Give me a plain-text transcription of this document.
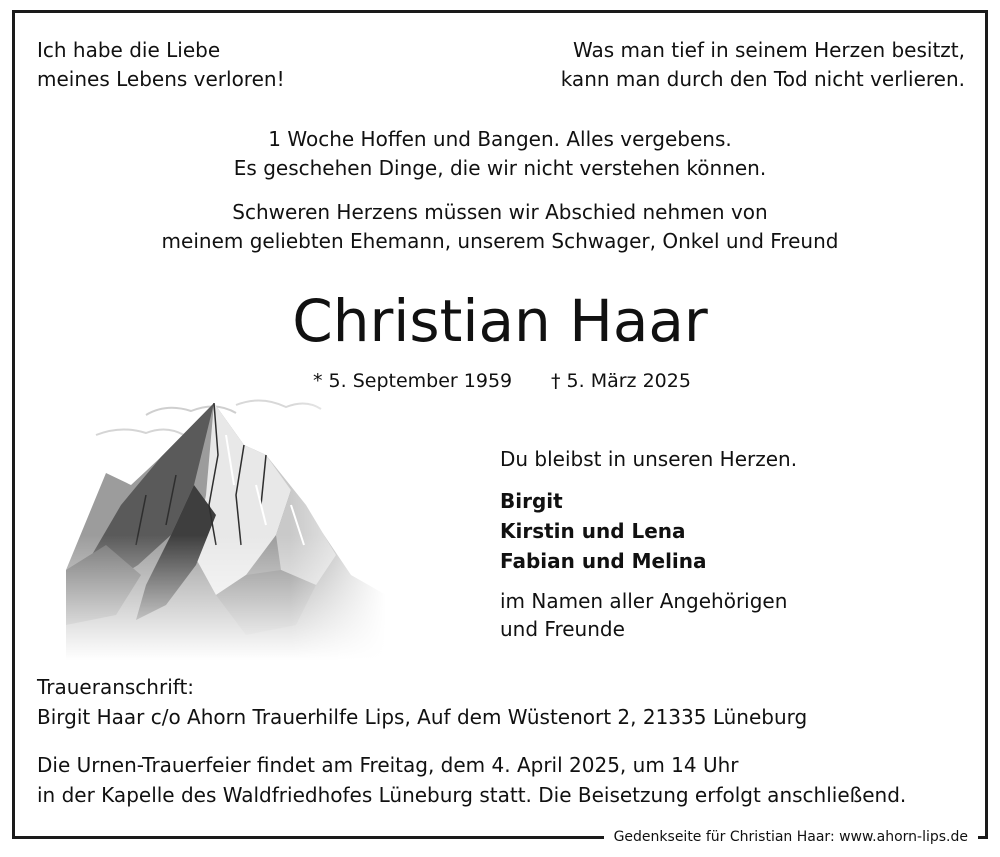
Ich habe die Liebe
meines Lebens verloren!
Was man tief in seinem Herzen besitzt,
kann man durch den Tod nicht verlieren.
1 Woche Hoffen und Bangen. Alles vergebens.
Es geschehen Dinge, die wir nicht verstehen können.
Schweren Herzens müssen wir Abschied nehmen von
meinem geliebten Ehemann, unserem Schwager, Onkel und Freund
Christian Haar
* 5. September 1959 † 5. März 2025
Du bleibst in unseren Herzen.
Birgit
Kirstin und Lena
Fabian und Melina
im Namen aller Angehörigen
und Freunde
Traueranschrift:
Birgit Haar c/o Ahorn Trauerhilfe Lips, Auf dem Wüstenort 2, 21335 Lüneburg
Die Urnen-Trauerfeier findet am Freitag, dem 4. April 2025, um 14 Uhr
in der Kapelle des Waldfriedhofes Lüneburg statt. Die Beisetzung erfolgt anschließend.
Gedenkseite für Christian Haar: www.ahorn-lips.de
